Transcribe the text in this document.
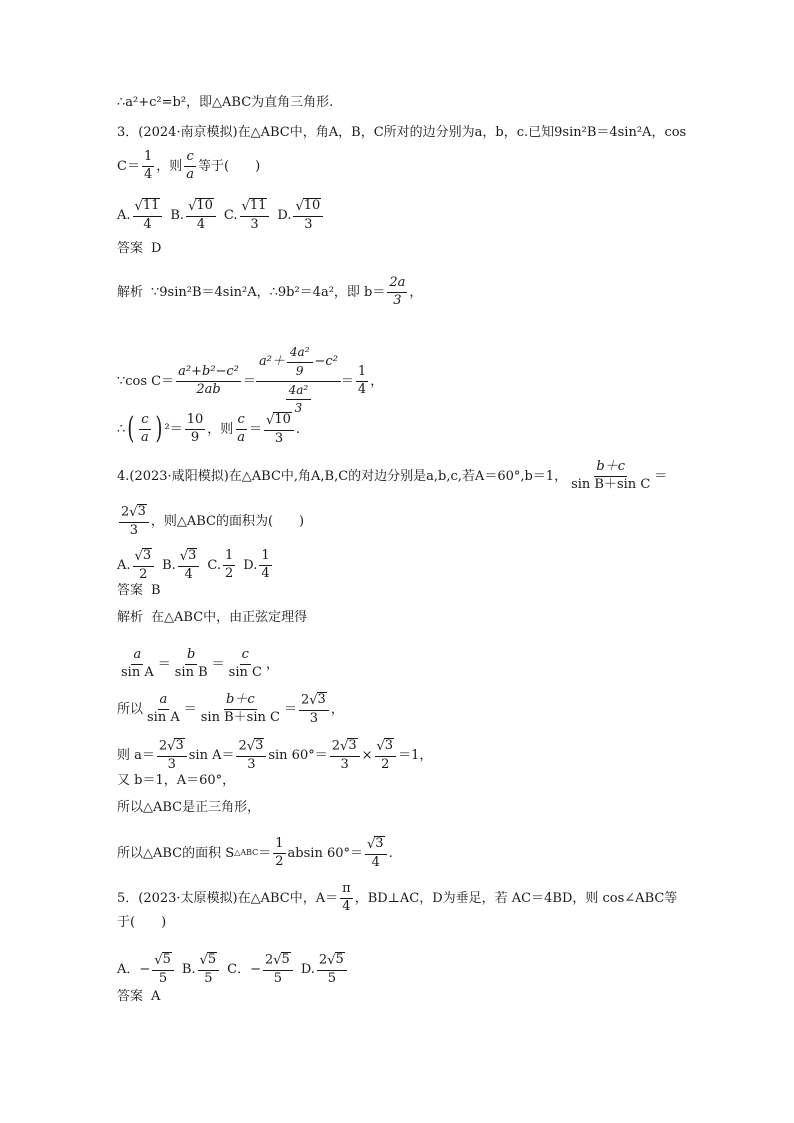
∴a²+c²=b²，即△ABC为直角三角形.
3．(2024·南京模拟)在△ABC中，角A，B，C所对的边分别为a，b，c.已知9sin²B＝4sin²A，cos
$C= \frac{1}{4}$ ，则 $\frac{c}{a}$ 等于(　　)
A. $\frac{√ 11}{4} B$. $\frac{√ 10}{4} C$. $\frac{√ 11}{3} D$. $\frac{√ 10}{3}$
答案 D
解析 ∵9sin²B＝4sin²A，∴9b²＝4a²，即 $b= \frac{2a}{3}$ ，
∵cos $C= \frac{\text{a²+b²−c²}}{2ab} = \frac{a^2+ \frac{\text{4a²}}{9} -c^2}{\frac{\text{4a²}}{3}} = \frac{1}{4}$ ，
∴ ( $\frac{c}{a}$ ) $^2= \frac{10}{9}$ ，则 $\frac{c}{a} = \frac{√ 10}{3}$ .
4.(2023·咸阳模拟)在△ABC中,角A,B,C的对边分别是a,b,c,若A＝60°,b＝1， $\frac{b+c}{\text{sin B＋sin C}}$ ＝
$\frac{2 √ 3}{3}$ ，则△ABC的面积为(　　)
A. $\frac{√ 3}{2} B$. $\frac{√ 3}{4} C$. $\frac{1}{2} D$. $\frac{1}{4}$
答案 B
解析 在△ABC中，由正弦定理得
$\frac{a}{\text{sin A}} = \frac{b}{\text{sin B}} = \frac{c}{\text{sin C}}$ ，
所以 $\frac{a}{\text{sin A}} = \frac{b+c}{\text{sin B＋sin C}} = \frac{2 √ 3}{3}$ ，
则 $a= \frac{2 √ 3}{3}$ $\sin A= \frac{2 √ 3}{3}$ $\sin 60^\circ= \frac{2 √ 3}{3} \times \frac{√ 3}{2} =1$，
又 b＝1，A＝60°，
所以△ABC是正三角形，
所以△ABC的面积 S △ABC ＝ $\frac{1}{2}$ absin $60^\circ= \frac{√ 3}{4}$ .
5．(2023·太原模拟)在△ABC中，$A= \frac{\pi}{4}$ ，BD⊥AC，D为垂足，若 AC＝4BD，则 cos∠ABC等
于(　　)
A．− $\frac{√ 5}{5} B$. $\frac{√ 5}{5}$ C．− $\frac{2 √ 5}{5} D$. $\frac{2 √ 5}{5}$
答案 A
